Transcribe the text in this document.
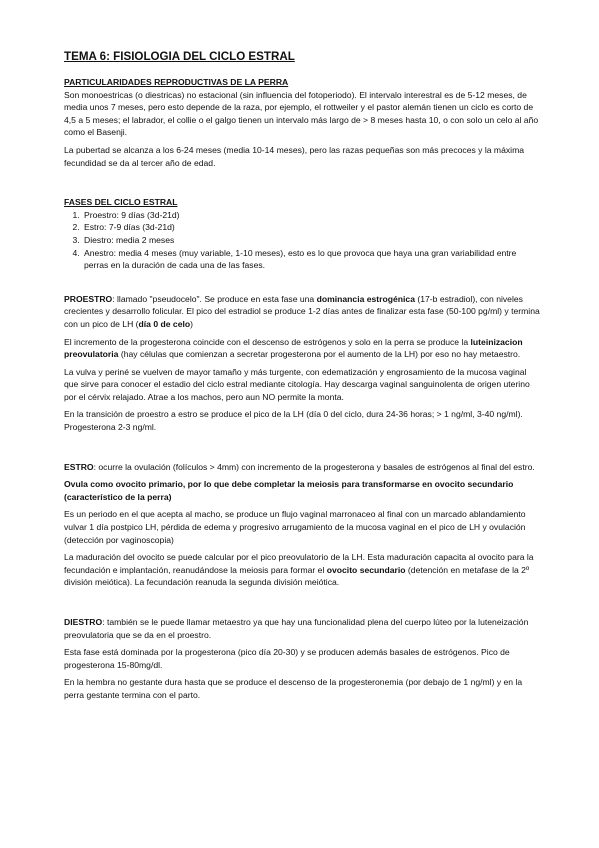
TEMA 6: FISIOLOGIA DEL CICLO ESTRAL
PARTICULARIDADES REPRODUCTIVAS DE LA PERRA

Son monoestricas (o diestricas) no estacional (sin influencia del fotoperiodo). El intervalo interestral es de 5-12 meses, de media unos 7 meses, pero esto depende de la raza, por ejemplo, el rottweiler y el pastor alemán tienen un ciclo es corto de 4,5 a 5 meses; el labrador, el collie o el galgo tienen un intervalo más largo de > 8 meses hasta 10, o con solo un celo al año como el Basenji.

La pubertad se alcanza a los 6-24 meses (media 10-14 meses), pero las razas pequeñas son más precoces y la máxima fecundidad se da al tercer año de edad.

FASES DEL CICLO ESTRAL
1. Proestro: 9 días (3d-21d)
2. Estro: 7-9 días (3d-21d)
3. Diestro: media 2 meses
4. Anestro: media 4 meses (muy variable, 1-10 meses), esto es lo que provoca que haya una gran variabilidad entre perras en la duración de cada una de las fases.

PROESTRO: llamado "pseudocelo". Se produce en esta fase una dominancia estrogénica (17-b estradiol), con niveles crecientes y desarrollo folicular. El pico del estradiol se produce 1-2 días antes de finalizar esta fase (50-100 pg/ml) y termina con un pico de LH (día 0 de celo)

El incremento de la progesterona coincide con el descenso de estrógenos y solo en la perra se produce la luteinizacion preovulatoria (hay células que comienzan a secretar progesterona por el aumento de la LH) por eso no hay metaestro.

La vulva y periné se vuelven de mayor tamaño y más turgente, con edematización y engrosamiento de la mucosa vaginal que sirve para conocer el estadio del ciclo estral mediante citología. Hay descarga vaginal sanguinolenta de origen uterino por el cérvix relajado. Atrae a los machos, pero aun NO permite la monta.

En la transición de proestro a estro se produce el pico de la LH (día 0 del ciclo, dura 24-36 horas; > 1 ng/ml, 3-40 ng/ml). Progesterona 2-3 ng/ml.

ESTRO: ocurre la ovulación (folículos > 4mm) con incremento de la progesterona y basales de estrógenos al final del estro.

Ovula como ovocito primario, por lo que debe completar la meiosis para transformarse en ovocito secundario (característico de la perra)

Es un periodo en el que acepta al macho, se produce un flujo vaginal marronaceo al final con un marcado ablandamiento vulvar 1 día postpico LH, pérdida de edema y progresivo arrugamiento de la mucosa vaginal en el pico de LH y ovulación (detección por vaginoscopia)

La maduración del ovocito se puede calcular por el pico preovulatorio de la LH. Esta maduración capacita al ovocito para la fecundación e implantación, reanudándose la meiosis para formar el ovocito secundario (detención en metafase de la 2º división meiótica). La fecundación reanuda la segunda división meiótica.

DIESTRO: también se le puede llamar metaestro ya que hay una funcionalidad plena del cuerpo lúteo por la luteneización preovulatoria que se da en el proestro.

Esta fase está dominada por la progesterona (pico día 20-30) y se producen además basales de estrógenos. Pico de progesterona 15-80mg/dl.

En la hembra no gestante dura hasta que se produce el descenso de la progesteronemia (por debajo de 1 ng/ml) y en la perra gestante termina con el parto.
